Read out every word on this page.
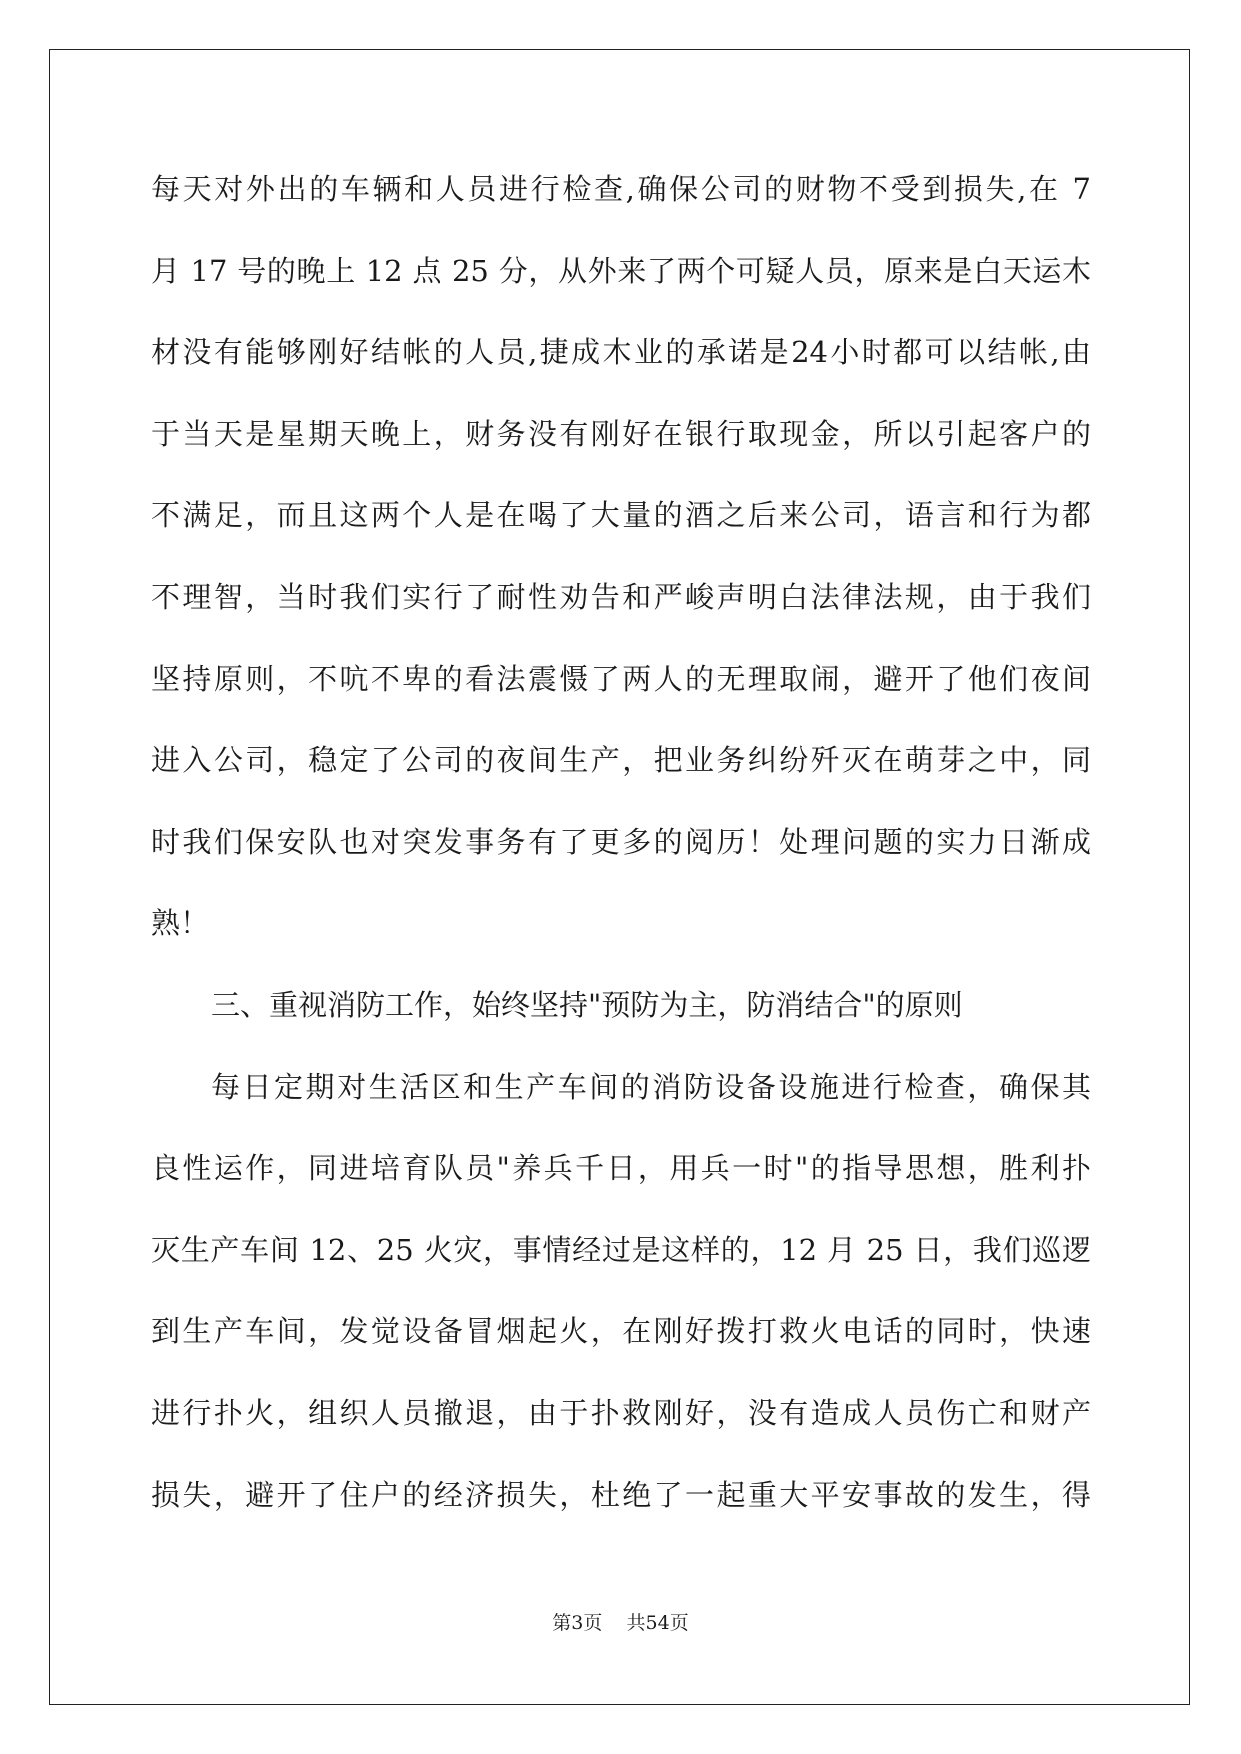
每天对外出的车辆和人员进行检查,确保公司的财物不受到损失,在 7
月 17 号的晚上 12 点 25 分，从外来了两个可疑人员，原来是白天运木
材没有能够刚好结帐的人员,捷成木业的承诺是24小时都可以结帐,由
于当天是星期天晚上，财务没有刚好在银行取现金，所以引起客户的
不满足，而且这两个人是在喝了大量的酒之后来公司，语言和行为都
不理智，当时我们实行了耐性劝告和严峻声明白法律法规，由于我们
坚持原则，不吭不卑的看法震慑了两人的无理取闹，避开了他们夜间
进入公司，稳定了公司的夜间生产，把业务纠纷歼灭在萌芽之中，同
时我们保安队也对突发事务有了更多的阅历！处理问题的实力日渐成
熟！
三、重视消防工作，始终坚持"预防为主，防消结合"的原则
每日定期对生活区和生产车间的消防设备设施进行检查，确保其
良性运作，同进培育队员"养兵千日，用兵一时"的指导思想，胜利扑
灭生产车间 12、25 火灾，事情经过是这样的，12 月 25 日，我们巡逻
到生产车间，发觉设备冒烟起火，在刚好拨打救火电话的同时，快速
进行扑火，组织人员撤退，由于扑救刚好，没有造成人员伤亡和财产
损失，避开了住户的经济损失，杜绝了一起重大平安事故的发生，得
第3页    共54页
